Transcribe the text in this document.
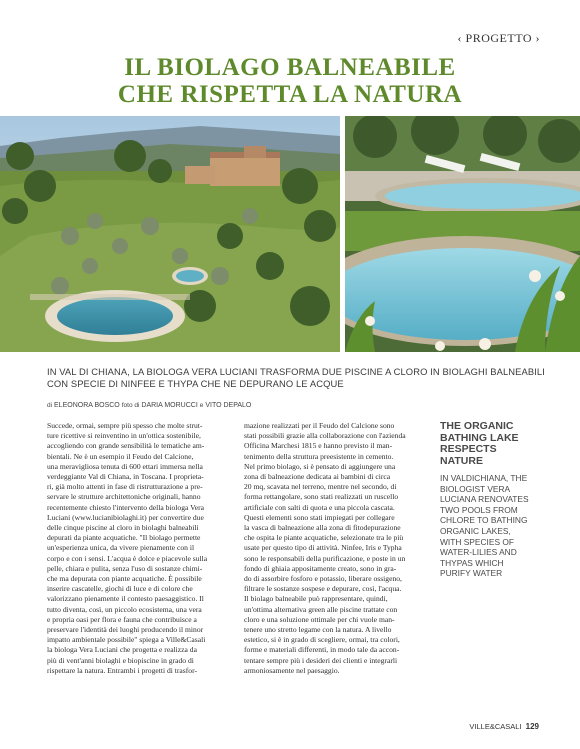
‹ PROGETTO ›
IL BIOLAGO BALNEABILE
CHE RISPETTA LA NATURA
IN VAL DI CHIANA, LA BIOLOGA VERA LUCIANI TRASFORMA DUE PISCINE A CLORO IN BIOLAGHI BALNEABILI
CON SPECIE DI NINFEE E THYPA CHE NE DEPURANO LE ACQUE
di ELEONORA BOSCO foto di DARIA MORUCCI e VITO DEPALO
Succede, ormai, sempre più spesso che molte strut-
ture ricettive si reinventino in un'ottica sostenibile,
accogliendo con grande sensibilità le tematiche am-
bientali. Ne è un esempio il Feudo del Calcione,
una meravigliosa tenuta di 600 ettari immersa nella
verdeggiante Val di Chiana, in Toscana. I proprieta-
ri, già molto attenti in fase di ristrutturazione a pre-
servare le strutture architettoniche originali, hanno
recentemente chiesto l'intervento della biologa Vera
Luciani (www.lucianibiolaghi.it) per convertire due
delle cinque piscine al cloro in biolaghi balneabili
depurati da piante acquatiche. "Il biolago permette
un'esperienza unica, da vivere pienamente con il
corpo e con i sensi. L'acqua è dolce e piacevole sulla
pelle, chiara e pulita, senza l'uso di sostanze chimi-
che ma depurata con piante acquatiche. È possibile
inserire cascatelle, giochi di luce e di colore che
valorizzano pienamente il contesto paesaggistico. Il
tutto diventa, così, un piccolo ecosistema, una vera
e propria oasi per flora e fauna che contribuisce a
preservare l'identità dei luoghi producendo il minor
impatto ambientale possibile" spiega a Ville&Casali
la biologa Vera Luciani che progetta e realizza da
più di vent'anni biolaghi e biopiscine in grado di
rispettare la natura. Entrambi i progetti di trasfor-
mazione realizzati per il Feudo del Calcione sono
stati possibili grazie alla collaborazione con l'azienda
Officina Marchesi 1815 e hanno previsto il man-
tenimento della struttura preesistente in cemento.
Nel primo biolago, si è pensato di aggiungere una
zona di balneazione dedicata ai bambini di circa
20 mq, scavata nel terreno, mentre nel secondo, di
forma rettangolare, sono stati realizzati un ruscello
artificiale con salti di quota e una piccola cascata.
Questi elementi sono stati impiegati per collegare
la vasca di balneazione alla zona di fitodepurazione
che ospita le piante acquatiche, selezionate tra le più
usate per questo tipo di attività. Ninfee, Iris e Typha
sono le responsabili della purificazione, e poste in un
fondo di ghiaia appositamente creato, sono in gra-
do di assorbire fosforo e potassio, liberare ossigeno,
filtrare le sostanze sospese e depurare, così, l'acqua.
Il biolago balneabile può rappresentare, quindi,
un'ottima alternativa green alle piscine trattate con
cloro e una soluzione ottimale per chi vuole man-
tenere uno stretto legame con la natura. A livello
estetico, si è in grado di scegliere, ormai, tra colori,
forme e materiali differenti, in modo tale da accon-
tentare sempre più i desideri dei clienti e integrarli
armoniosamente nel paesaggio.
THE ORGANIC
BATHING LAKE
RESPECTS
NATURE
IN VALDICHIANA, THE
BIOLOGIST VERA
LUCIANA RENOVATES
TWO POOLS FROM
CHLORE TO BATHING
ORGANIC LAKES,
WITH SPECIES OF
WATER-LILIES AND
THYPAS WHICH
PURIFY WATER
VILLE&CASALI 129
